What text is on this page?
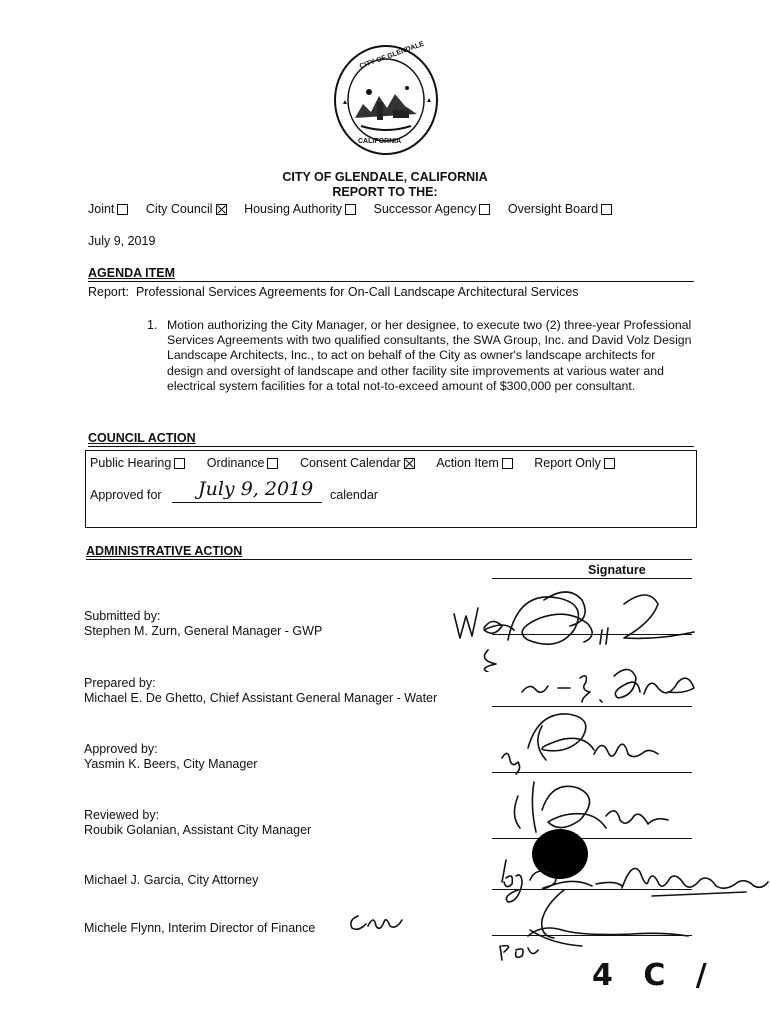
CITY OF GLENDALE
CALIFORNIA
CITY OF GLENDALE, CALIFORNIA
REPORT TO THE:
Joint	City Council	Housing Authority	Successor Agency	Oversight Board
July 9, 2019
AGENDA ITEM
Report: Professional Services Agreements for On-Call Landscape Architectural Services
1. Motion authorizing the City Manager, or her designee, to execute two (2) three-year Professional Services Agreements with two qualified consultants, the SWA Group, Inc. and David Volz Design Landscape Architects, Inc., to act on behalf of the City as owner's landscape architects for design and oversight of landscape and other facility site improvements at various water and electrical system facilities for a total not-to-exceed amount of $300,000 per consultant.
COUNCIL ACTION
Public Hearing	Ordinance	Consent Calendar	Action Item	Report Only
Approved for July 9, 2019 calendar
ADMINISTRATIVE ACTION
Signature
Submitted by:
Stephen M. Zurn, General Manager - GWP
Prepared by:
Michael E. De Ghetto, Chief Assistant General Manager - Water
Approved by:
Yasmin K. Beers, City Manager
Reviewed by:
Roubik Golanian, Assistant City Manager
Michael J. Garcia, City Attorney
Michele Flynn, Interim Director of Finance
4 C /
